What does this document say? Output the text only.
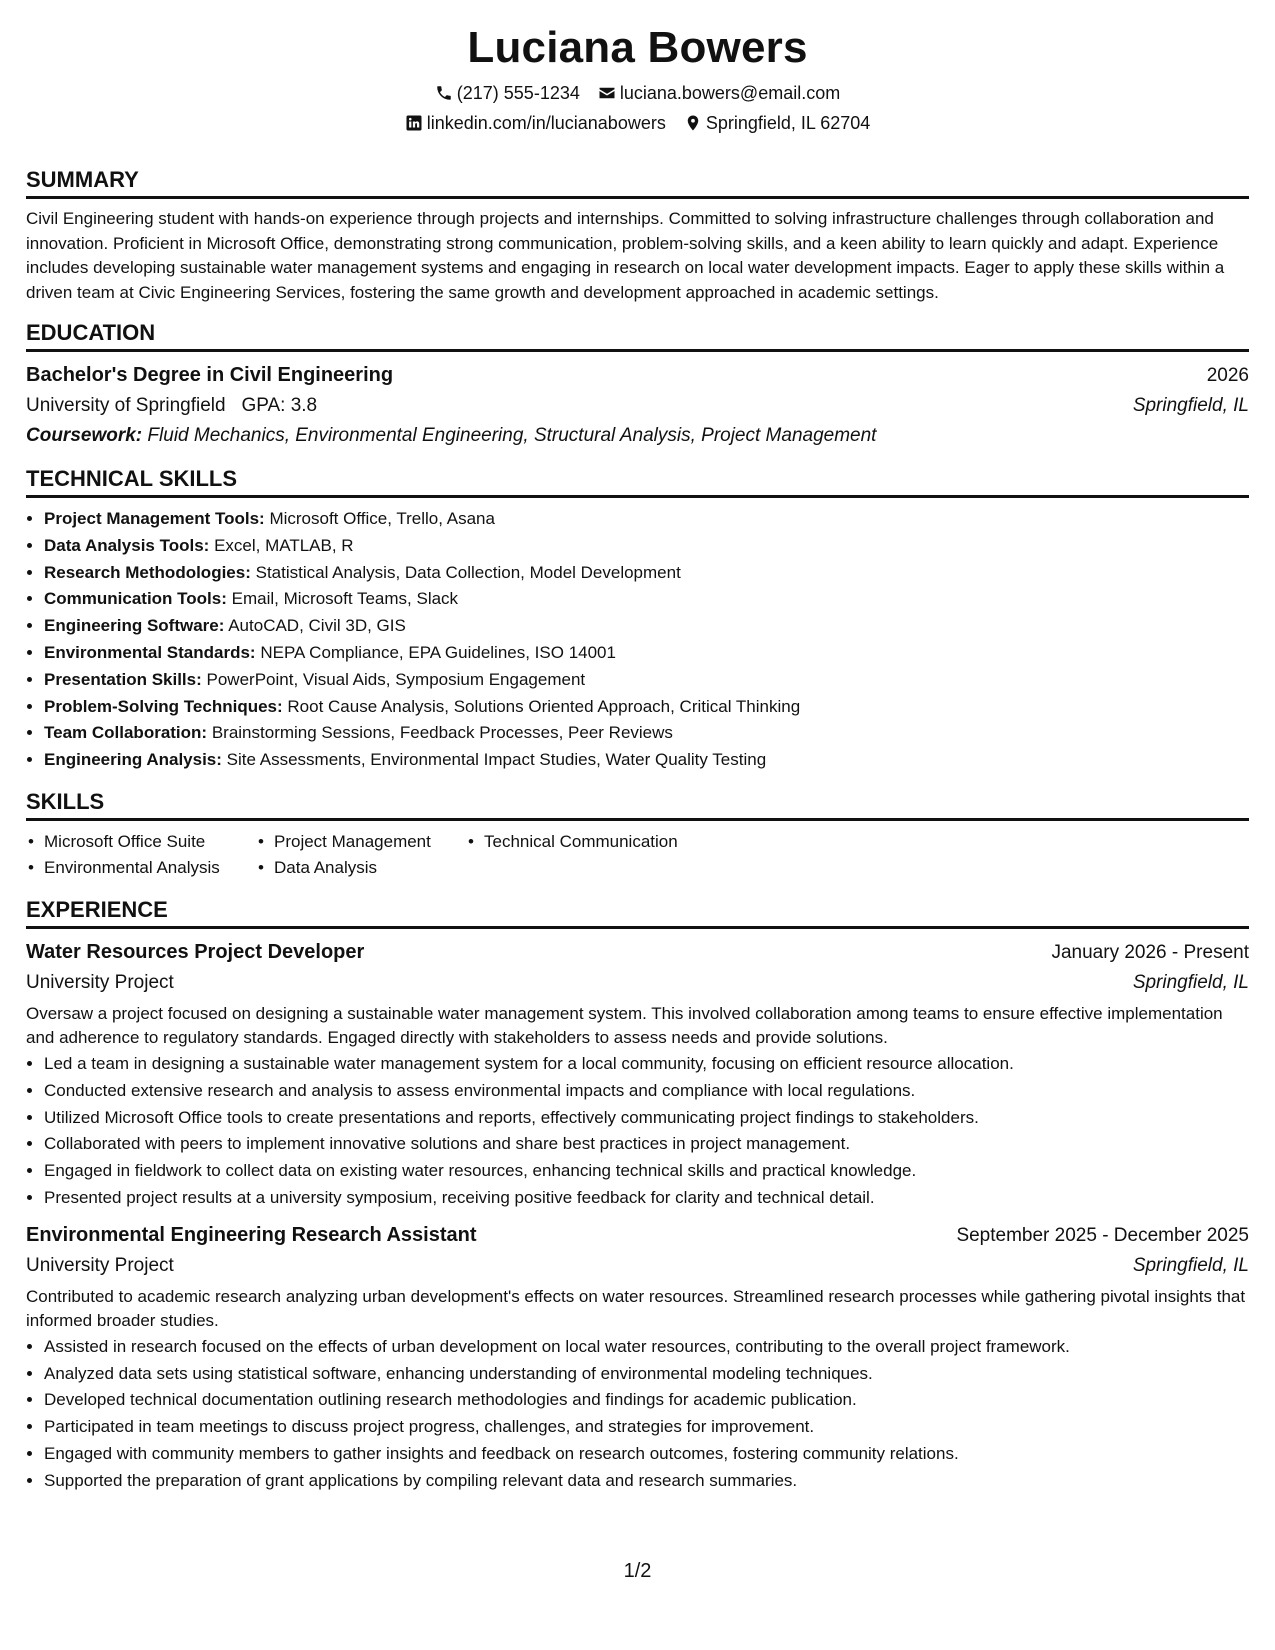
Luciana Bowers
(217) 555-1234 luciana.bowers@email.com
linkedin.com/in/lucianabowers Springfield, IL 62704
SUMMARY
Civil Engineering student with hands-on experience through projects and internships. Committed to solving infrastructure challenges through collaboration and innovation. Proficient in Microsoft Office, demonstrating strong communication, problem-solving skills, and a keen ability to learn quickly and adapt. Experience includes developing sustainable water management systems and engaging in research on local water development impacts. Eager to apply these skills within a driven team at Civic Engineering Services, fostering the same growth and development approached in academic settings.
EDUCATION
Bachelor's Degree in Civil Engineering	2026
University of Springfield GPA: 3.8	Springfield, IL
Coursework: Fluid Mechanics, Environmental Engineering, Structural Analysis, Project Management
TECHNICAL SKILLS
• Project Management Tools: Microsoft Office, Trello, Asana
• Data Analysis Tools: Excel, MATLAB, R
• Research Methodologies: Statistical Analysis, Data Collection, Model Development
• Communication Tools: Email, Microsoft Teams, Slack
• Engineering Software: AutoCAD, Civil 3D, GIS
• Environmental Standards: NEPA Compliance, EPA Guidelines, ISO 14001
• Presentation Skills: PowerPoint, Visual Aids, Symposium Engagement
• Problem-Solving Techniques: Root Cause Analysis, Solutions Oriented Approach, Critical Thinking
• Team Collaboration: Brainstorming Sessions, Feedback Processes, Peer Reviews
• Engineering Analysis: Site Assessments, Environmental Impact Studies, Water Quality Testing
SKILLS
• Microsoft Office Suite	• Project Management	• Technical Communication
• Environmental Analysis	• Data Analysis
EXPERIENCE
Water Resources Project Developer	January 2026 - Present
University Project	Springfield, IL
Oversaw a project focused on designing a sustainable water management system. This involved collaboration among teams to ensure effective implementation and adherence to regulatory standards. Engaged directly with stakeholders to assess needs and provide solutions.
• Led a team in designing a sustainable water management system for a local community, focusing on efficient resource allocation.
• Conducted extensive research and analysis to assess environmental impacts and compliance with local regulations.
• Utilized Microsoft Office tools to create presentations and reports, effectively communicating project findings to stakeholders.
• Collaborated with peers to implement innovative solutions and share best practices in project management.
• Engaged in fieldwork to collect data on existing water resources, enhancing technical skills and practical knowledge.
• Presented project results at a university symposium, receiving positive feedback for clarity and technical detail.
Environmental Engineering Research Assistant	September 2025 - December 2025
University Project	Springfield, IL
Contributed to academic research analyzing urban development's effects on water resources. Streamlined research processes while gathering pivotal insights that informed broader studies.
• Assisted in research focused on the effects of urban development on local water resources, contributing to the overall project framework.
• Analyzed data sets using statistical software, enhancing understanding of environmental modeling techniques.
• Developed technical documentation outlining research methodologies and findings for academic publication.
• Participated in team meetings to discuss project progress, challenges, and strategies for improvement.
• Engaged with community members to gather insights and feedback on research outcomes, fostering community relations.
• Supported the preparation of grant applications by compiling relevant data and research summaries.
1/2
